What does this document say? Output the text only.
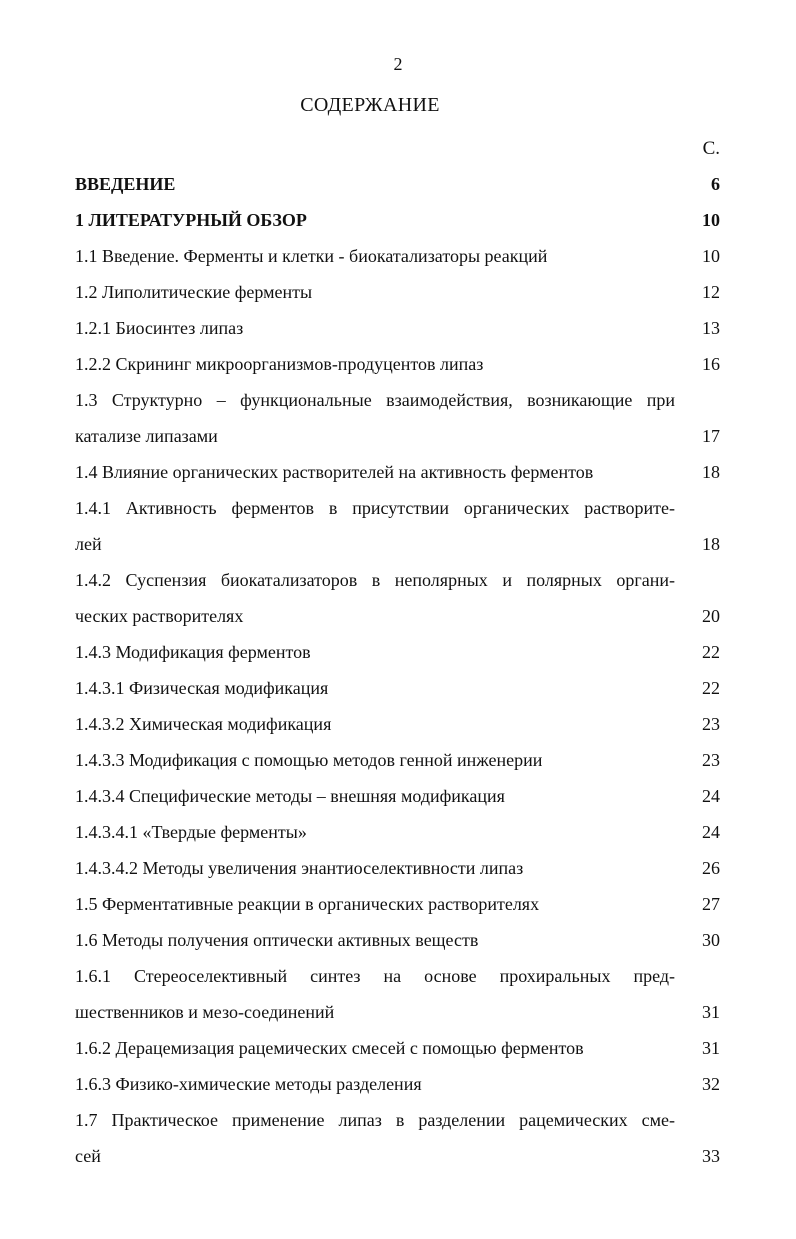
2
СОДЕРЖАНИЕ
С.
ВВЕДЕНИЕ	6
1 ЛИТЕРАТУРНЫЙ ОБЗОР	10
1.1 Введение. Ферменты и клетки - биокатализаторы реакций	10
1.2 Липолитические ферменты	12
1.2.1 Биосинтез липаз	13
1.2.2 Скрининг микроорганизмов-продуцентов липаз	16
1.3 Структурно – функциональные взаимодействия, возникающие при
катализе липазами	17
1.4 Влияние органических растворителей на активность ферментов	18
1.4.1 Активность ферментов в присутствии органических растворите-
лей	18
1.4.2 Суспензия биокатализаторов в неполярных и полярных органи-
ческих растворителях	20
1.4.3 Модификация ферментов	22
1.4.3.1 Физическая модификация	22
1.4.3.2 Химическая модификация	23
1.4.3.3 Модификация с помощью методов генной инженерии	23
1.4.3.4 Специфические методы – внешняя модификация	24
1.4.3.4.1 «Твердые ферменты»	24
1.4.3.4.2 Методы увеличения энантиоселективности липаз	26
1.5 Ферментативные реакции в органических растворителях	27
1.6 Методы получения оптически активных веществ	30
1.6.1 Стереоселективный синтез на основе прохиральных пред-
шественников и мезо-соединений	31
1.6.2 Дерацемизация рацемических смесей с помощью ферментов	31
1.6.3 Физико-химические методы разделения	32
1.7 Практическое применение липаз в разделении рацемических сме-
сей	33
